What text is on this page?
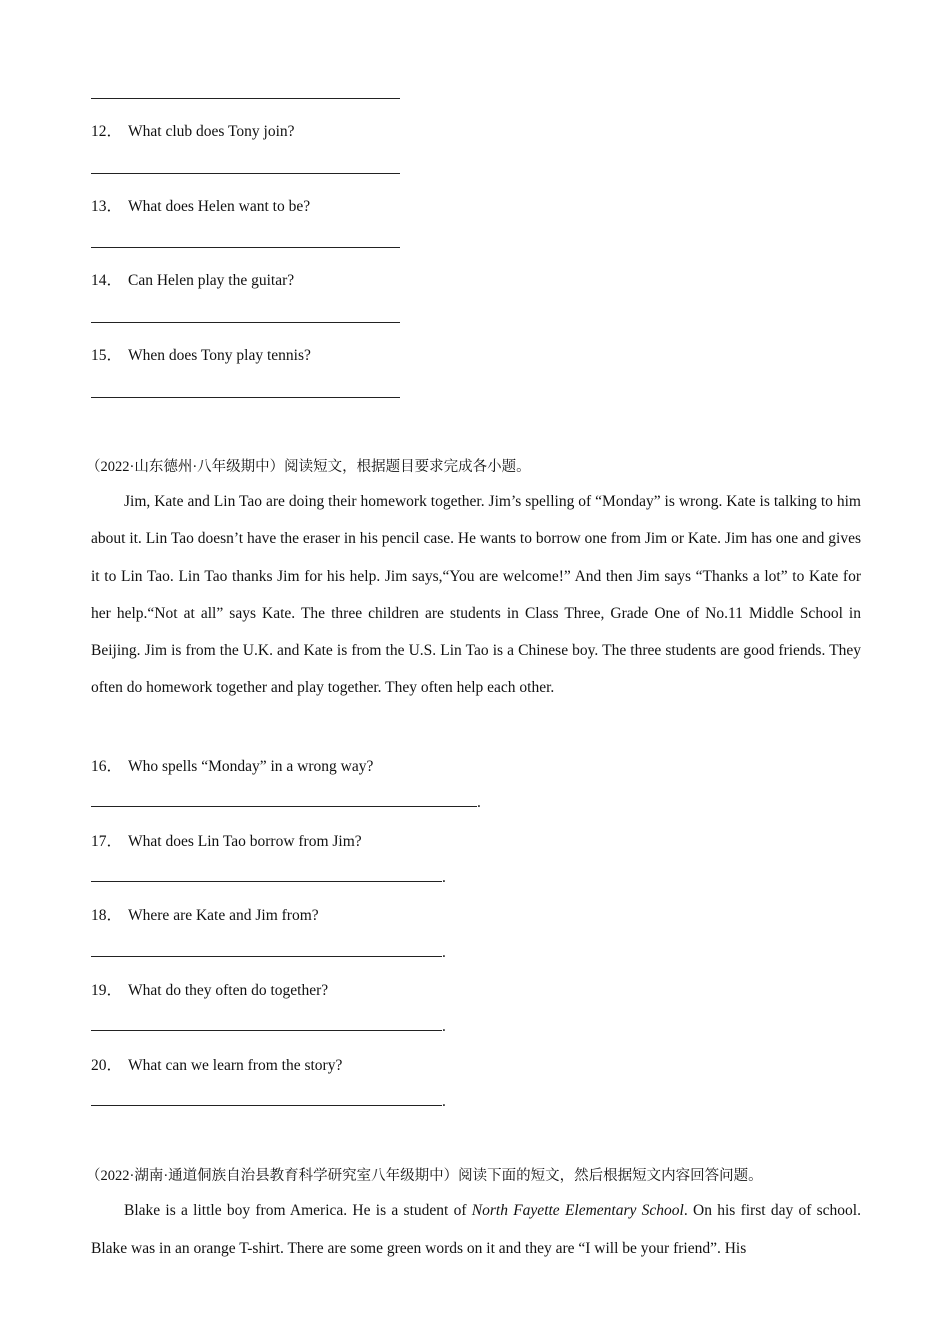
12． What club does Tony join?
13． What does Helen want to be?
14． Can Helen play the guitar?
15． When does Tony play tennis?
（2022·山东德州·八年级期中）阅读短文，根据题目要求完成各小题。

Jim, Kate and Lin Tao are doing their homework together. Jim’s spelling of “Monday” is wrong. Kate is talking to him about it. Lin Tao doesn’t have the eraser in his pencil case. He wants to borrow one from Jim or Kate. Jim has one and gives it to Lin Tao. Lin Tao thanks Jim for his help. Jim says,“You are welcome!” And then Jim says “Thanks a lot” to Kate for her help.“Not at all” says Kate. The three children are students in Class Three, Grade One of No.11 Middle School in Beijing. Jim is from the U.K. and Kate is from the U.S. Lin Tao is a Chinese boy. The three students are good friends. They often do homework together and play together. They often help each other.

16． Who spells “Monday” in a wrong way?
.
17． What does Lin Tao borrow from Jim?
.
18． Where are Kate and Jim from?
.
19． What do they often do together?
.
20． What can we learn from the story?
.
（2022·湖南·通道侗族自治县教育科学研究室八年级期中）阅读下面的短文，然后根据短文内容回答问题。

Blake is a little boy from America. He is a student of North Fayette Elementary School. On his first day of school. Blake was in an orange T-shirt. There are some green words on it and they are “I will be your friend”. His
